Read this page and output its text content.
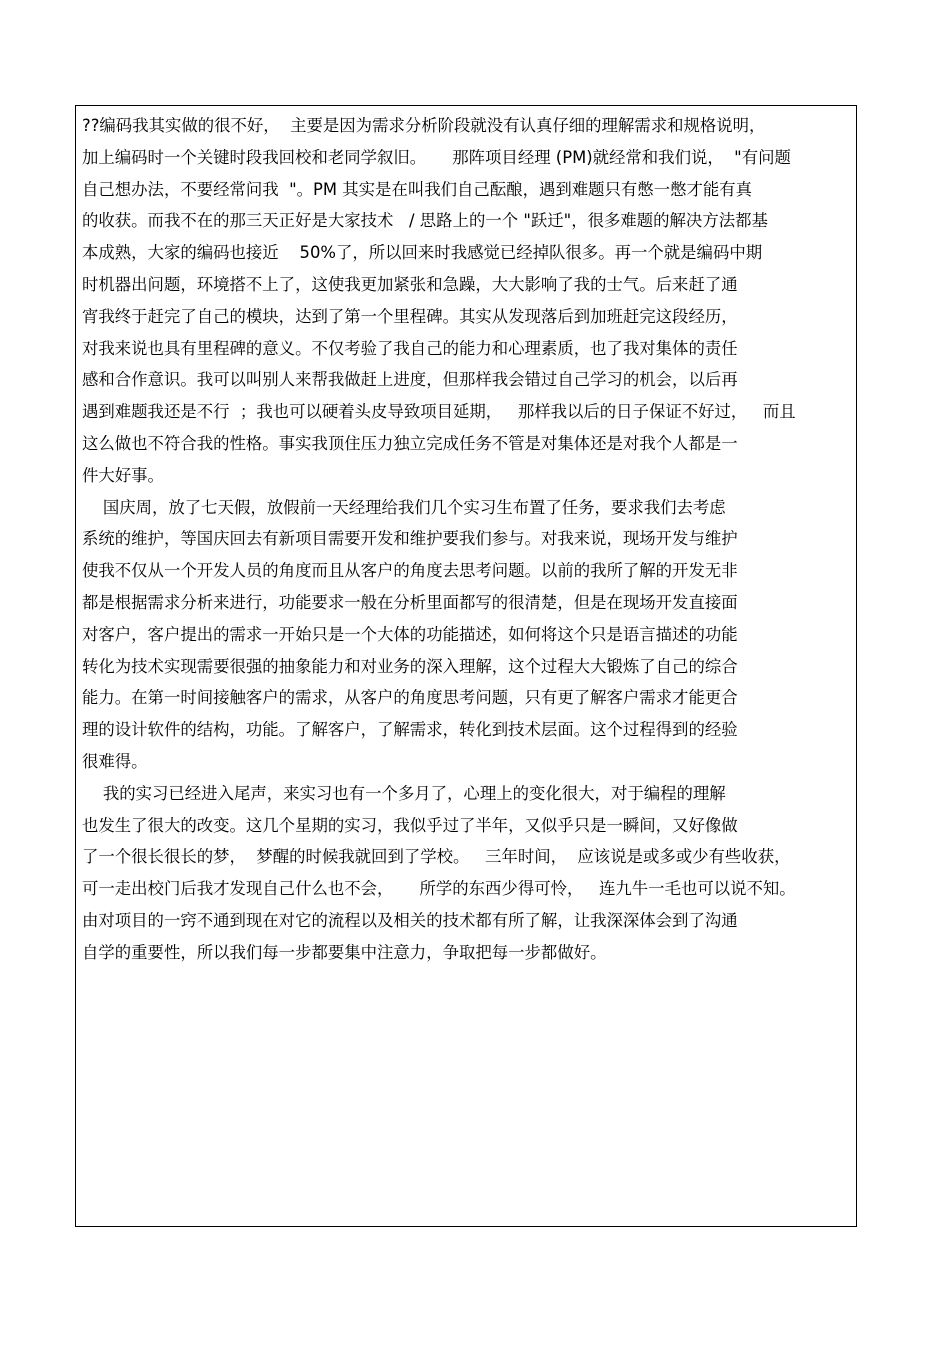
??编码我其实做的很不好，  主要是因为需求分析阶段就没有认真仔细的理解需求和规格说明，
加上编码时一个关键时段我回校和老同学叙旧。     那阵项目经理 (PM)就经常和我们说，  "有问题
自己想办法，不要经常问我  "。PM 其实是在叫我们自己酝酿，遇到难题只有憋一憋才能有真
的收获。而我不在的那三天正好是大家技术   / 思路上的一个 "跃迁"，很多难题的解决方法都基
本成熟，大家的编码也接近    50%了，所以回来时我感觉已经掉队很多。再一个就是编码中期
时机器出问题，环境搭不上了，这使我更加紧张和急躁，大大影响了我的士气。后来赶了通
宵我终于赶完了自己的模块，达到了第一个里程碑。其实从发现落后到加班赶完这段经历，
对我来说也具有里程碑的意义。不仅考验了我自己的能力和心理素质，也了我对集体的责任
感和合作意识。我可以叫别人来帮我做赶上进度，但那样我会错过自己学习的机会，以后再
遇到难题我还是不行  ；我也可以硬着头皮导致项目延期，   那样我以后的日子保证不好过，   而且
这么做也不符合我的性格。事实我顶住压力独立完成任务不管是对集体还是对我个人都是一
件大好事。
国庆周，放了七天假，放假前一天经理给我们几个实习生布置了任务，要求我们去考虑
系统的维护，等国庆回去有新项目需要开发和维护要我们参与。对我来说，现场开发与维护
使我不仅从一个开发人员的角度而且从客户的角度去思考问题。以前的我所了解的开发无非
都是根据需求分析来进行，功能要求一般在分析里面都写的很清楚，但是在现场开发直接面
对客户，客户提出的需求一开始只是一个大体的功能描述，如何将这个只是语言描述的功能
转化为技术实现需要很强的抽象能力和对业务的深入理解，这个过程大大锻炼了自己的综合
能力。在第一时间接触客户的需求，从客户的角度思考问题，只有更了解客户需求才能更合
理的设计软件的结构，功能。了解客户，了解需求，转化到技术层面。这个过程得到的经验
很难得。
我的实习已经进入尾声，来实习也有一个多月了，心理上的变化很大，对于编程的理解
也发生了很大的改变。这几个星期的实习，我似乎过了半年，又似乎只是一瞬间，又好像做
了一个很长很长的梦，  梦醒的时候我就回到了学校。   三年时间，  应该说是或多或少有些收获，
可一走出校门后我才发现自己什么也不会，     所学的东西少得可怜，   连九牛一毛也可以说不知。
由对项目的一窍不通到现在对它的流程以及相关的技术都有所了解，让我深深体会到了沟通
自学的重要性，所以我们每一步都要集中注意力，争取把每一步都做好。
